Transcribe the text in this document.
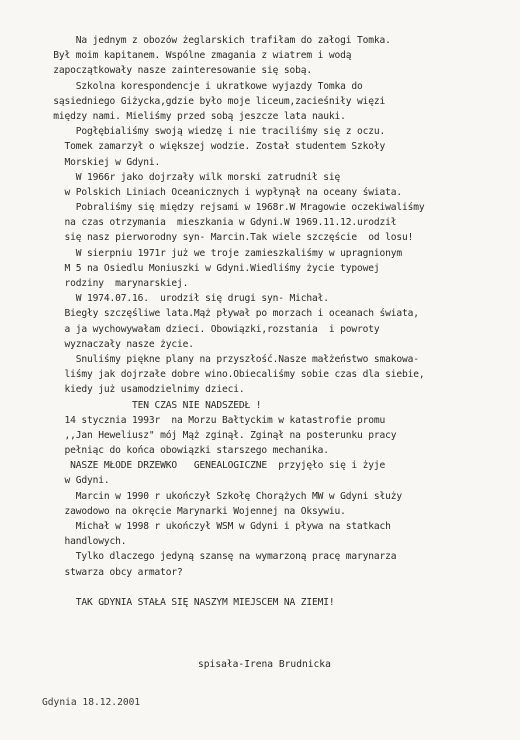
Na jednym z obozów żeglarskich trafiłam do załogi Tomka.
Był moim kapitanem. Wspólne zmagania z wiatrem i wodą
zapoczątkowały nasze zainteresowanie się sobą.
Szkolna korespondencje i ukratkowe wyjazdy Tomka do
sąsiedniego Giżycka,gdzie było moje liceum,zacieśniły więzi
między nami. Mieliśmy przed sobą jeszcze lata nauki.
Pogłębialiśmy swoją wiedzę i nie traciliśmy się z oczu.
Tomek zamarzył o większej wodzie. Został studentem Szkoły
Morskiej w Gdyni.
W 1966r jako dojrzały wilk morski zatrudnił się
w Polskich Liniach Oceanicznych i wypłynął na oceany świata.
Pobraliśmy się między rejsami w 1968r.W Mragowie oczekiwaliśmy
na czas otrzymania  mieszkania w Gdyni.W 1969.11.12.urodził
się nasz pierworodny syn- Marcin.Tak wiele szczęście  od losu!
W sierpniu 1971r już we troje zamieszkaliśmy w upragnionym
M 5 na Osiedlu Moniuszki w Gdyni.Wiedliśmy życie typowej
rodziny  marynarskiej.
W 1974.07.16.  urodził się drugi syn- Michał.
Biegły szczęśliwe lata.Mąż pływał po morzach i oceanach świata,
a ja wychowywałam dzieci. Obowiązki,rozstania  i powroty
wyznaczały nasze życie.
Snuliśmy piękne plany na przyszłość.Nasze małżeństwo smakowa-
liśmy jak dojrzałe dobre wino.Obiecaliśmy sobie czas dla siebie,
kiedy już usamodzielnimy dzieci.
TEN CZAS NIE NADSZEDŁ !
14 stycznia 1993r  na Morzu Bałtyckim w katastrofie promu
,,Jan Heweliusz" mój Mąż zginął. Zginął na posterunku pracy
pełniąc do końca obowiązki starszego mechanika.
NASZE MŁODE DRZEWKO   GENEALOGICZNE  przyjęło się i żyje
w Gdyni.
Marcin w 1990 r ukończył Szkołę Chorążych MW w Gdyni służy
zawodowo na okręcie Marynarki Wojennej na Oksywiu.
Michał w 1998 r ukończył WSM w Gdyni i pływa na statkach
handlowych.
Tylko dlaczego jedyną szansę na wymarzoną pracę marynarza
stwarza obcy armator?
TAK GDYNIA STAŁA SIĘ NASZYM MIEJSCEM NA ZIEMI!
spisała-Irena Brudnicka
Gdynia 18.12.2001
